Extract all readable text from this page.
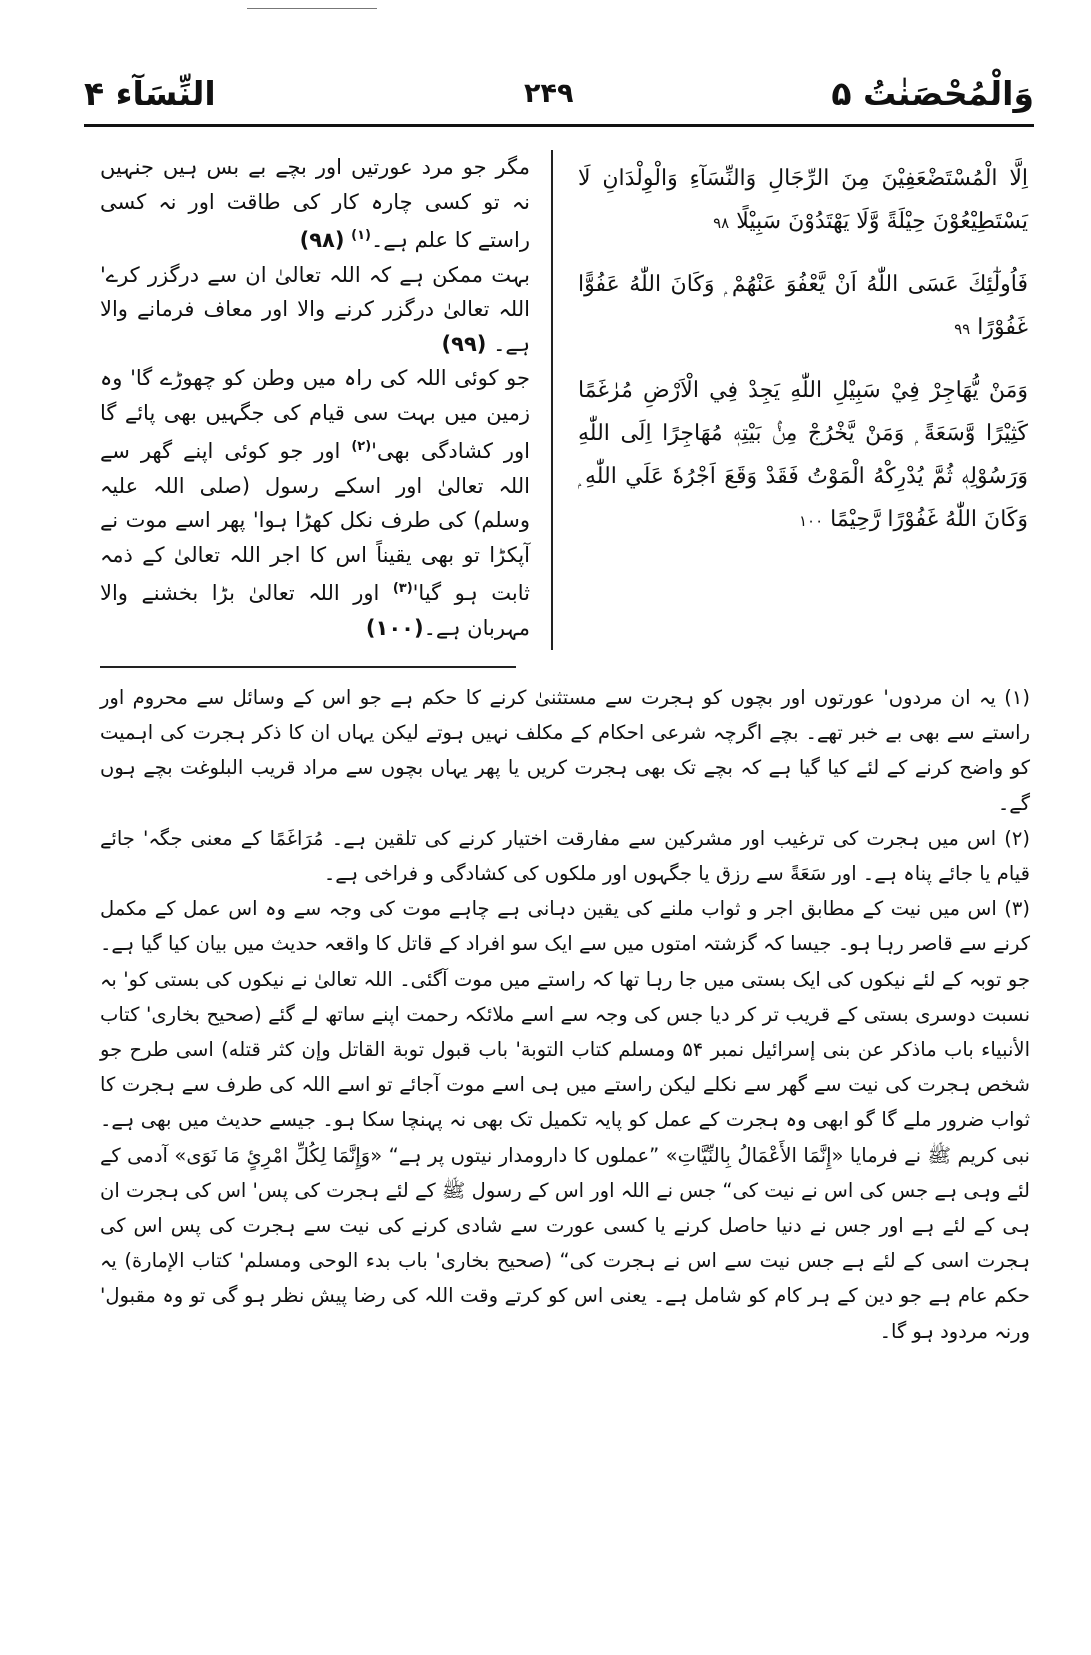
النِّسَآء ۴	۲۴۹	وَالْمُحْصَنٰتُ ۵

اِلَّا الْمُسْتَضْعَفِيْنَ مِنَ الرِّجَالِ وَالنِّسَآءِ وَالْوِلْدَانِ لَا يَسْتَطِيْعُوْنَ حِيْلَةً وَّلَا يَهْتَدُوْنَ سَبِيْلًا ۹۸

فَاُولٰٓئِكَ عَسَى اللّٰهُ اَنْ يَّعْفُوَ عَنْهُمْ ۭ وَكَانَ اللّٰهُ عَفُوًّا غَفُوْرًا ۹۹

وَمَنْ يُّهَاجِرْ فِيْ سَبِيْلِ اللّٰهِ يَجِدْ فِي الْاَرْضِ مُرٰغَمًا كَثِيْرًا وَّسَعَةً ۭ وَمَنْ يَّخْرُجْ مِنْۢ بَيْتِهٖ مُهَاجِرًا اِلَى اللّٰهِ وَرَسُوْلِهٖ ثُمَّ يُدْرِكْهُ الْمَوْتُ فَقَدْ وَقَعَ اَجْرُهٗ عَلَي اللّٰهِ ۭ وَكَانَ اللّٰهُ غَفُوْرًا رَّحِيْمًا ۱۰۰

مگر جو مرد عورتیں اور بچے بے بس ہیں جنہیں نہ تو کسی چارہ کار کی طاقت اور نہ کسی راستے کا علم ہے۔$^{(۱)}$ (۹۸)

بہت ممکن ہے کہ اللہ تعالیٰ ان سے درگزر کرے' اللہ تعالیٰ درگزر کرنے والا اور معاف فرمانے والا ہے۔ (۹۹)

جو کوئی اللہ کی راہ میں وطن کو چھوڑے گا' وہ زمین میں بہت سی قیام کی جگہیں بھی پائے گا اور کشادگی $بھی'^{(۲)}$ اور جو کوئی اپنے گھر سے اللہ تعالیٰ اور اسکے رسول (صلی اللہ علیہ وسلم) کی طرف نکل کھڑا ہوا' پھر اسے موت نے آپکڑا تو بھی یقیناً اس کا اجر اللہ تعالیٰ کے ذمہ ثابت ہو $گیا'^{(۳)}$ اور اللہ تعالیٰ بڑا بخشنے والا مہربان ہے۔(۱۰۰)

(۱) یہ ان مردوں' عورتوں اور بچوں کو ہجرت سے مستثنیٰ کرنے کا حکم ہے جو اس کے وسائل سے محروم اور راستے سے بھی بے خبر تھے۔ بچے اگرچہ شرعی احکام کے مکلف نہیں ہوتے لیکن یہاں ان کا ذکر ہجرت کی اہمیت کو واضح کرنے کے لئے کیا گیا ہے کہ بچے تک بھی ہجرت کریں یا پھر یہاں بچوں سے مراد قریب البلوغت بچے ہوں گے۔

(۲) اس میں ہجرت کی ترغیب اور مشرکین سے مفارقت اختیار کرنے کی تلقین ہے۔ مُرَاغَمًا کے معنی جگہ' جائے قیام یا جائے پناہ ہے۔ اور سَعَةً سے رزق یا جگہوں اور ملکوں کی کشادگی و فراخی ہے۔

(۳) اس میں نیت کے مطابق اجر و ثواب ملنے کی یقین دہانی ہے چاہے موت کی وجہ سے وہ اس عمل کے مکمل کرنے سے قاصر رہا ہو۔ جیسا کہ گزشتہ امتوں میں سے ایک سو افراد کے قاتل کا واقعہ حدیث میں بیان کیا گیا ہے۔ جو توبہ کے لئے نیکوں کی ایک بستی میں جا رہا تھا کہ راستے میں موت آگئی۔ اللہ تعالیٰ نے نیکوں کی بستی کو' بہ نسبت دوسری بستی کے قریب تر کر دیا جس کی وجہ سے اسے ملائکہ رحمت اپنے ساتھ لے گئے (صحیح بخاری' کتاب الأنبیاء باب ماذکر عن بنی إسرائیل نمبر ۵۴ ومسلم کتاب التوبة' باب قبول توبة القاتل وإن کثر قتله) اسی طرح جو شخص ہجرت کی نیت سے گھر سے نکلے لیکن راستے میں ہی اسے موت آجائے تو اسے اللہ کی طرف سے ہجرت کا ثواب ضرور ملے گا گو ابھی وہ ہجرت کے عمل کو پایہ تکمیل تک بھی نہ پہنچا سکا ہو۔ جیسے حدیث میں بھی ہے۔ نبی کریم ﷺ نے فرمایا «إِنَّمَا الأَعْمَالُ بِالنِّيَّاتِ» ”عملوں کا دارومدار نیتوں پر ہے“ «وَإِنَّمَا لِكُلِّ امْرِئٍ مَا نَوَى» آدمی کے لئے وہی ہے جس کی اس نے نیت کی“ جس نے اللہ اور اس کے رسول ﷺ کے لئے ہجرت کی پس' اس کی ہجرت ان ہی کے لئے ہے اور جس نے دنیا حاصل کرنے یا کسی عورت سے شادی کرنے کی نیت سے ہجرت کی پس اس کی ہجرت اسی کے لئے ہے جس نیت سے اس نے ہجرت کی“ (صحیح بخاری' باب بدء الوحی ومسلم' کتاب الإمارة) یہ حکم عام ہے جو دین کے ہر کام کو شامل ہے۔ یعنی اس کو کرتے وقت اللہ کی رضا پیش نظر ہو گی تو وہ مقبول' ورنہ مردود ہو گا۔
